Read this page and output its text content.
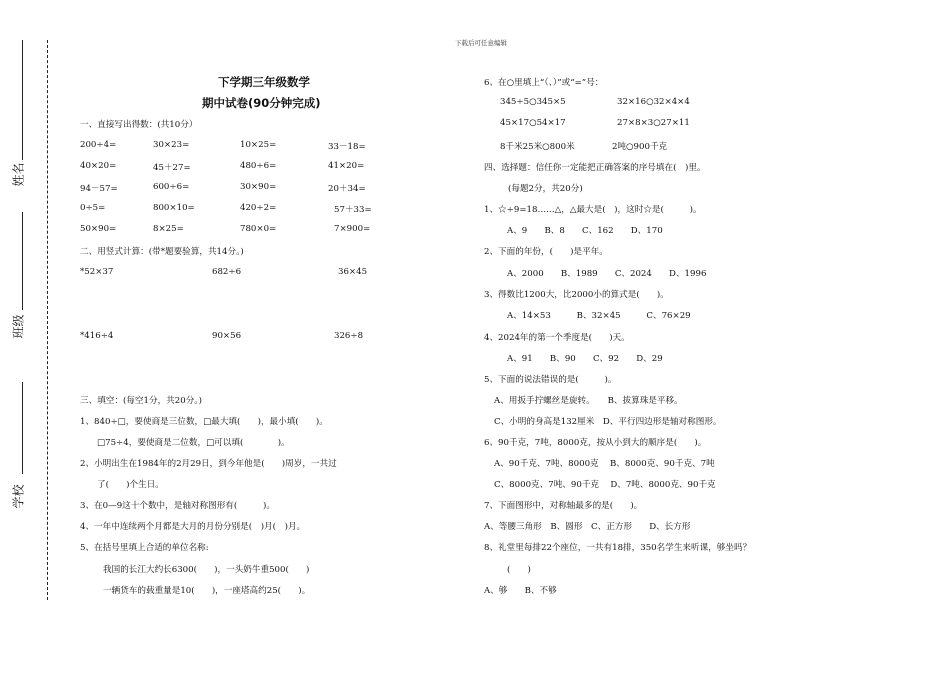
下载后可任意编辑
姓名
班级
学校
下学期三年级数学
期中试卷(90分钟完成)
一、直接写出得数：(共10分）
200÷4=	30×23=	10×25=	33－18=
40×20=	45＋27=	480÷6=	41×20=
94－57=	600÷6=	30×90=	20＋34=
0÷5=	800×10=	420÷2=	57＋33=
50×90=	8×25=	780×0=	7×900=
二、用竖式计算：(带*题要验算，共14分。)
*52×37	682÷6	36×45
*416÷4	90×56	326÷8
三、填空：(每空1分，共20分。)
1、840÷□，要使商是三位数，□最大填(　　)，最小填(　　)。
□75÷4，要使商是二位数，□可以填(　　　　)。
2、小明出生在1984年的2月29日，到今年他是(　　)周岁，一共过
了(　　)个生日。
3、在0—9这十个数中，是轴对称图形有(　　　)。
4、一年中连续两个月都是大月的月份分别是(　)月(　)月。
5、在括号里填上合适的单位名称:
我国的长江大约长6300(　　)，一头奶牛重500(　　)
一辆货车的载重量是10(　　)，一座塔高约25(　　)。
6、在○里填上“（、）”或“=”号：
345÷5○345×5	32×16○32×4×4
45×17○54×17	27×8×3○27×11
8千米25米○800米	2吨○900千克
四、选择题：信任你一定能把正确答案的序号填在(　)里。
(每题2分，共20分)
1、☆÷9=18……△，△最大是(　)，这时☆是(　　　)。
A、9　　B、8　　C、162　　D、170
2、下面的年份，(　　)是平年。
A、2000　　B、1989　　C、2024　　D、1996
3、得数比1200大，比2000小的算式是(　　)。
A、14×53　　　B、32×45　　　C、76×29
4、2024年的第一个季度是(　　)天。
A、91　　B、90　　C、92　　D、29
5、下面的说法错误的是(　　　)。
A、用扳手拧螺丝是旋转。　　B、拔算珠是平移。
C、小明的身高是132厘米　D、平行四边形是轴对称图形。
6、90千克，7吨，8000克，按从小到大的顺序是(　　)。
A、90千克、7吨、8000克　 B、8000克、90千克、7吨
C、8000克、7吨、90千克　 D、7吨、8000克、90千克
7、下面图形中，对称轴最多的是(　　)。
A、等腰三角形　B、圆形　C、正方形　　D、长方形
8、礼堂里每排22个座位，一共有18排，350名学生来听课，够坐吗？
(　　)
A、够　　B、不够
